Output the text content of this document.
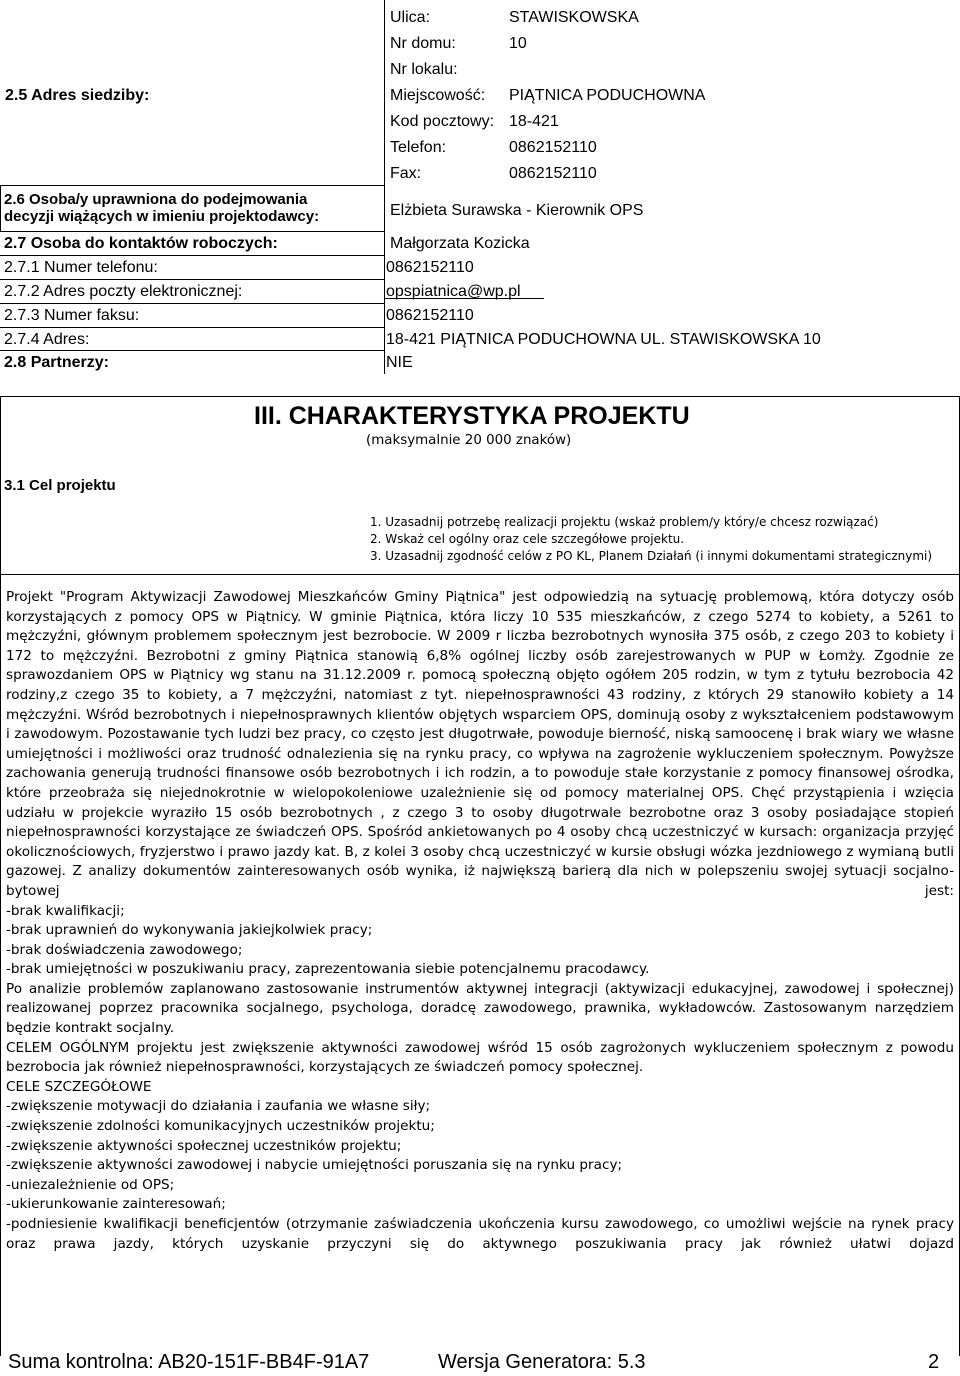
2.5 Adres siedziby:
Ulica:	STAWISKOWSKA
Nr domu:	10
Nr lokalu:
Miejscowość: PIĄTNICA PODUCHOWNA
Kod pocztowy: 18-421
Telefon:	0862152110
Fax:	0862152110
2.6 Osoba/y uprawniona do podejmowania
decyzji wiążących w imieniu projektodawcy:	Elżbieta Surawska - Kierownik OPS
2.7 Osoba do kontaktów roboczych:	Małgorzata Kozicka
2.7.1 Numer telefonu:	0862152110
2.7.2 Adres poczty elektronicznej:	opspiatnica@wp.pl
2.7.3 Numer faksu:	0862152110
2.7.4 Adres:	18-421 PIĄTNICA PODUCHOWNA UL. STAWISKOWSKA 10
2.8 Partnerzy:	NIE
III. CHARAKTERYSTYKA PROJEKTU
(maksymalnie 20 000 znaków)
3.1 Cel projektu
1. Uzasadnij potrzebę realizacji projektu (wskaż problem/y który/e chcesz rozwiązać)
2. Wskaż cel ogólny oraz cele szczegółowe projektu.
3. Uzasadnij zgodność celów z PO KL, Planem Działań (i innymi dokumentami strategicznymi)

Projekt "Program Aktywizacji Zawodowej Mieszkańców Gminy Piątnica" jest odpowiedzią na sytuację problemową, która dotyczy osób korzystających z pomocy OPS w Piątnicy. W gminie Piątnica, która liczy 10 535 mieszkańców, z czego 5274 to kobiety, a 5261 to mężczyźni, głównym problemem społecznym jest bezrobocie. W 2009 r liczba bezrobotnych wynosiła 375 osób, z czego 203 to kobiety i 172 to mężczyźni. Bezrobotni z gminy Piątnica stanowią 6,8% ogólnej liczby osób zarejestrowanych w PUP w Łomży. Zgodnie ze sprawozdaniem OPS w Piątnicy wg stanu na 31.12.2009 r. pomocą społeczną objęto ogółem 205 rodzin, w tym z tytułu bezrobocia 42 rodziny,z czego 35 to kobiety, a 7 mężczyźni, natomiast z tyt. niepełnosprawności 43 rodziny, z których 29 stanowiło kobiety a 14 mężczyźni. Wśród bezrobotnych i niepełnosprawnych klientów objętych wsparciem OPS, dominują osoby z wykształceniem podstawowym i zawodowym. Pozostawanie tych ludzi bez pracy, co często jest długotrwałe, powoduje bierność, niską samoocenę i brak wiary we własne umiejętności i możliwości oraz trudność odnalezienia się na rynku pracy, co wpływa na zagrożenie wykluczeniem społecznym. Powyższe zachowania generują trudności finansowe osób bezrobotnych i ich rodzin, a to powoduje stałe korzystanie z pomocy finansowej ośrodka, które przeobraża się niejednokrotnie w wielopokoleniowe uzależnienie się od pomocy materialnej OPS. Chęć przystąpienia i wzięcia udziału w projekcie wyraziło 15 osób bezrobotnych , z czego 3 to osoby długotrwale bezrobotne oraz 3 osoby posiadające stopień niepełnosprawności korzystające ze świadczeń OPS. Spośród ankietowanych po 4 osoby chcą uczestniczyć w kursach: organizacja przyjęć okolicznościowych, fryzjerstwo i prawo jazdy kat. B, z kolei 3 osoby chcą uczestniczyć w kursie obsługi wózka jezdniowego z wymianą butli gazowej. Z analizy dokumentów zainteresowanych osób wynika, iż największą barierą dla nich w polepszeniu swojej sytuacji socjalno-bytowej jest:

-brak kwalifikacji;

-brak uprawnień do wykonywania jakiejkolwiek pracy;

-brak doświadczenia zawodowego;

-brak umiejętności w poszukiwaniu pracy, zaprezentowania siebie potencjalnemu pracodawcy.

Po analizie problemów zaplanowano zastosowanie instrumentów aktywnej integracji (aktywizacji edukacyjnej, zawodowej i społecznej) realizowanej poprzez pracownika socjalnego, psychologa, doradcę zawodowego, prawnika, wykładowców. Zastosowanym narzędziem będzie kontrakt socjalny.

CELEM OGÓLNYM projektu jest zwiększenie aktywności zawodowej wśród 15 osób zagrożonych wykluczeniem społecznym z powodu bezrobocia jak również niepełnosprawności, korzystających ze świadczeń pomocy społecznej.

CELE SZCZEGÓŁOWE

-zwiększenie motywacji do działania i zaufania we własne siły;

-zwiększenie zdolności komunikacyjnych uczestników projektu;

-zwiększenie aktywności społecznej uczestników projektu;

-zwiększenie aktywności zawodowej i nabycie umiejętności poruszania się na rynku pracy;

-uniezależnienie od OPS;

-ukierunkowanie zainteresowań;

-podniesienie kwalifikacji beneficjentów (otrzymanie zaświadczenia ukończenia kursu zawodowego, co umożliwi wejście na rynek pracy oraz prawa jazdy, których uzyskanie przyczyni się do aktywnego poszukiwania pracy jak również ułatwi dojazd

Suma kontrolna: AB20-151F-BB4F-91A7	Wersja Generatora: 5.3	2
